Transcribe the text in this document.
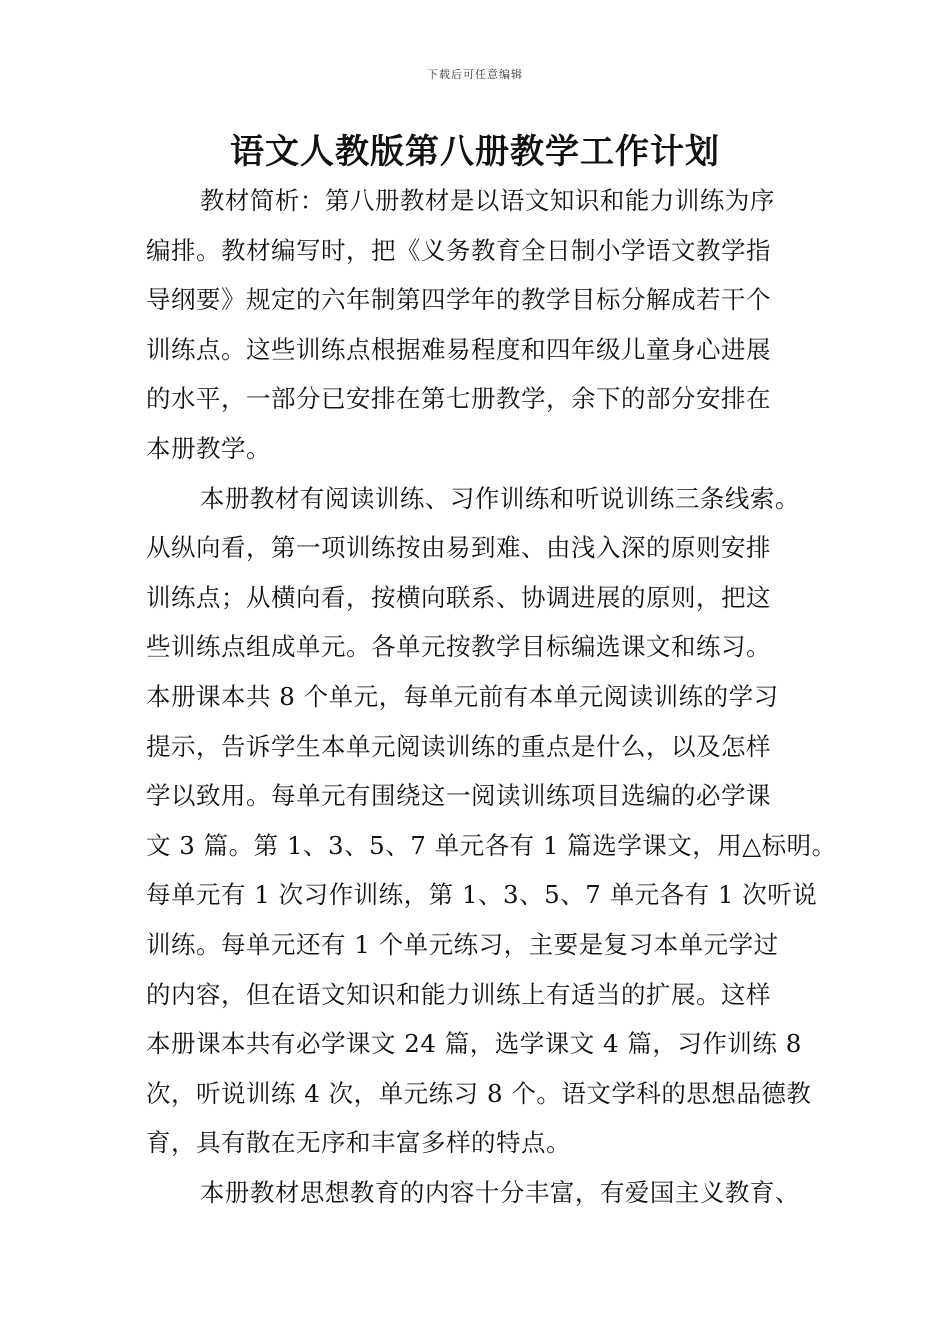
下载后可任意编辑
语文人教版第八册教学工作计划

教材简析：第八册教材是以语文知识和能力训练为序
编排。教材编写时，把《义务教育全日制小学语文教学指
导纲要》规定的六年制第四学年的教学目标分解成若干个
训练点。这些训练点根据难易程度和四年级儿童身心进展
的水平，一部分已安排在第七册教学，余下的部分安排在
本册教学。

本册教材有阅读训练、习作训练和听说训练三条线索。
从纵向看，第一项训练按由易到难、由浅入深的原则安排
训练点；从横向看，按横向联系、协调进展的原则，把这
些训练点组成单元。各单元按教学目标编选课文和练习。
本册课本共 8 个单元，每单元前有本单元阅读训练的学习
提示，告诉学生本单元阅读训练的重点是什么，以及怎样
学以致用。每单元有围绕这一阅读训练项目选编的必学课
文 3 篇。第 1、3、5、7 单元各有 1 篇选学课文，用△标明。
每单元有 1 次习作训练，第 1、3、5、7 单元各有 1 次听说
训练。每单元还有 1 个单元练习，主要是复习本单元学过
的内容，但在语文知识和能力训练上有适当的扩展。这样
本册课本共有必学课文 24 篇，选学课文 4 篇，习作训练 8
次，听说训练 4 次，单元练习 8 个。语文学科的思想品德教
育，具有散在无序和丰富多样的特点。

本册教材思想教育的内容十分丰富，有爱国主义教育、
